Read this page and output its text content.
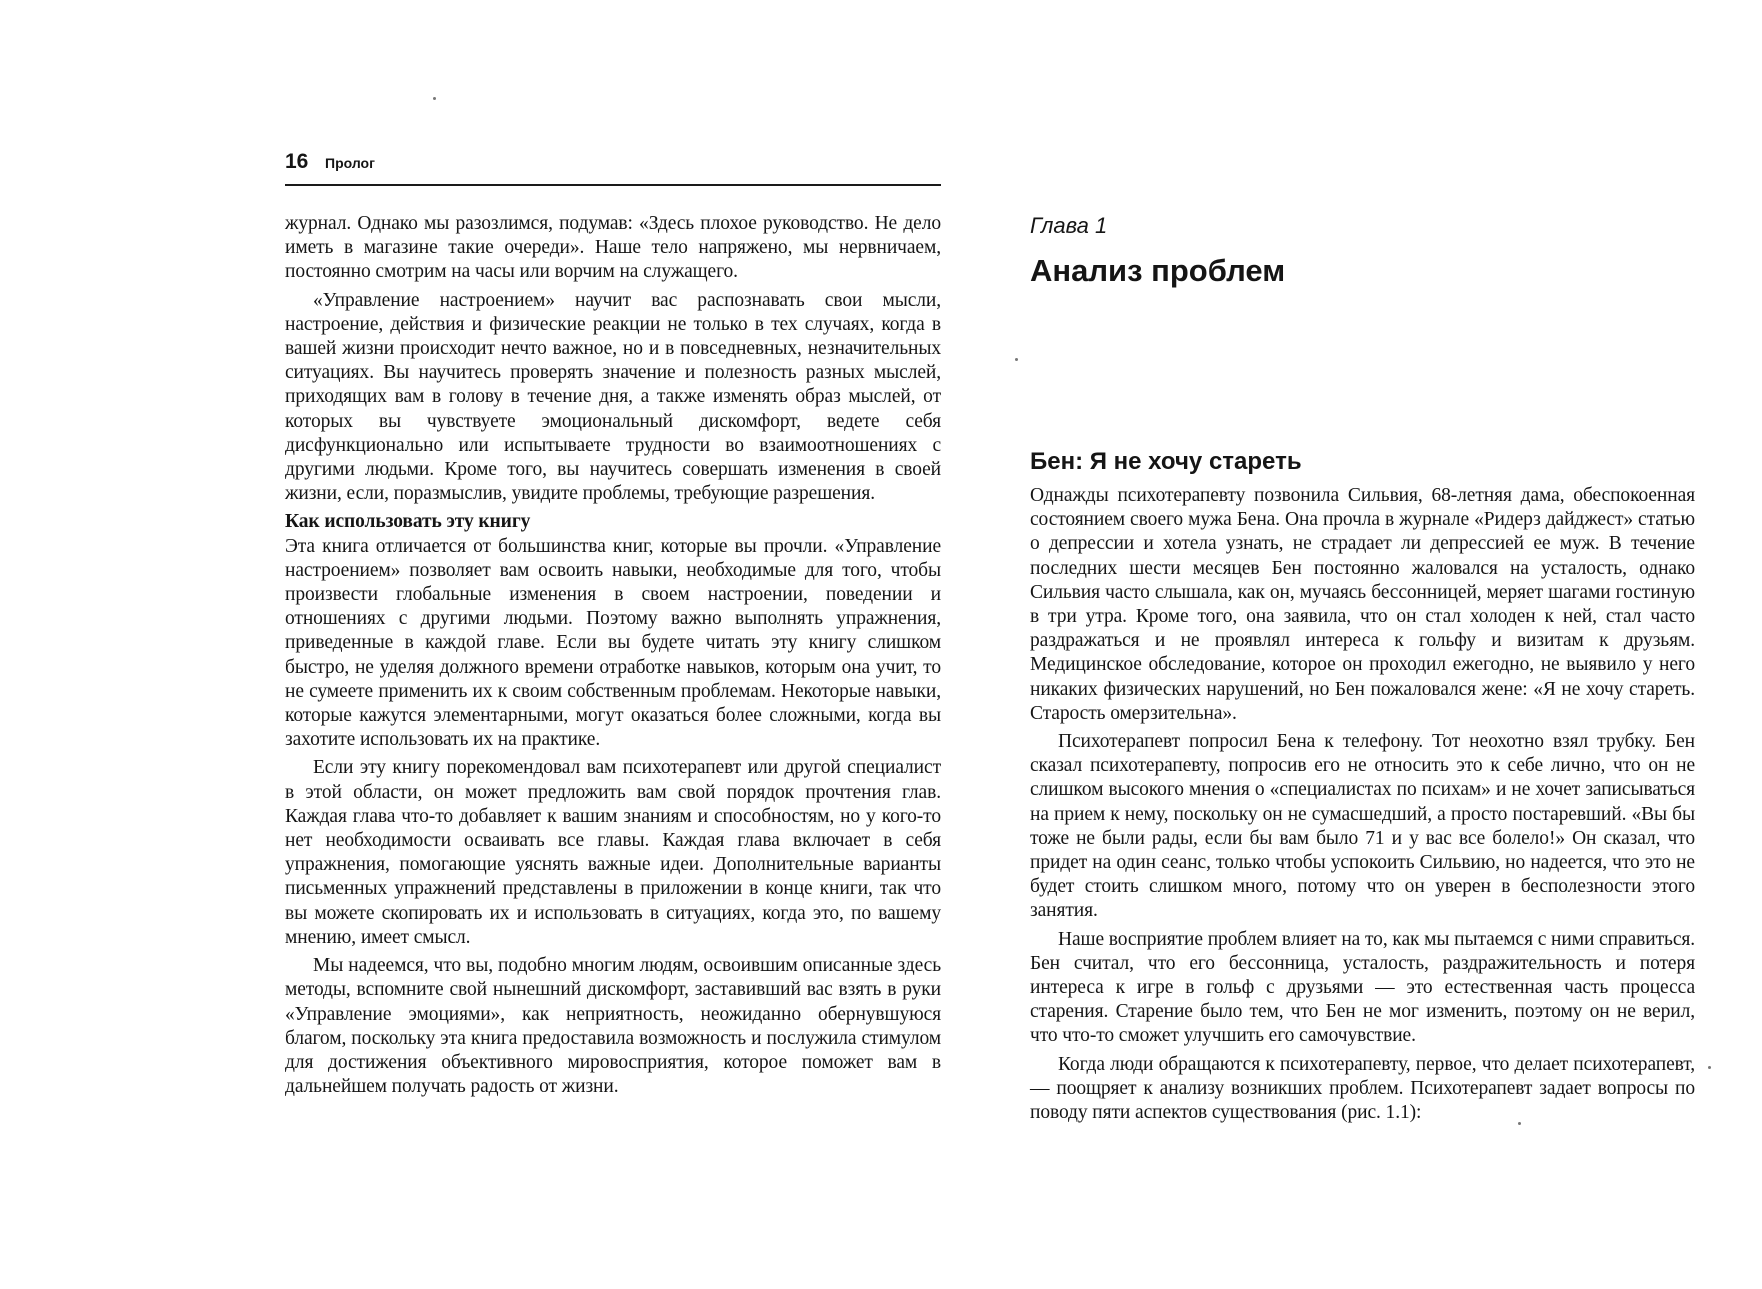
16 Пролог

журнал. Однако мы разозлимся, подумав: «Здесь плохое руководство. Не дело иметь в магазине такие очереди». Наше тело напряжено, мы нервничаем, постоянно смотрим на часы или ворчим на служащего.

«Управление настроением» научит вас распознавать свои мысли, настроение, действия и физические реакции не только в тех случаях, когда в вашей жизни происходит нечто важное, но и в повседневных, незначительных ситуациях. Вы научитесь проверять значение и полезность разных мыслей, приходящих вам в голову в течение дня, а также изменять образ мыслей, от которых вы чувствуете эмоциональный дискомфорт, ведете себя дисфункционально или испытываете трудности во взаимоотношениях с другими людьми. Кроме того, вы научитесь совершать изменения в своей жизни, если, поразмыслив, увидите проблемы, требующие разрешения.

Как использовать эту книгу

Эта книга отличается от большинства книг, которые вы прочли. «Управление настроением» позволяет вам освоить навыки, необходимые для того, чтобы произвести глобальные изменения в своем настроении, поведении и отношениях с другими людьми. Поэтому важно выполнять упражнения, приведенные в каждой главе. Если вы будете читать эту книгу слишком быстро, не уделяя должного времени отработке навыков, которым она учит, то не сумеете применить их к своим собственным проблемам. Некоторые навыки, которые кажутся элементарными, могут оказаться более сложными, когда вы захотите использовать их на практике.

Если эту книгу порекомендовал вам психотерапевт или другой специалист в этой области, он может предложить вам свой порядок прочтения глав. Каждая глава что-то добавляет к вашим знаниям и способностям, но у кого-то нет необходимости осваивать все главы. Каждая глава включает в себя упражнения, помогающие уяснять важные идеи. Дополнительные варианты письменных упражнений представлены в приложении в конце книги, так что вы можете скопировать их и использовать в ситуациях, когда это, по вашему мнению, имеет смысл.

Мы надеемся, что вы, подобно многим людям, освоившим описанные здесь методы, вспомните свой нынешний дискомфорт, заставивший вас взять в руки «Управление эмоциями», как неприятность, неожиданно обернувшуюся благом, поскольку эта книга предоставила возможность и послужила стимулом для достижения объективного мировосприятия, которое поможет вам в дальнейшем получать радость от жизни.

Глава 1
Анализ проблем
Бен: Я не хочу стареть

Однажды психотерапевту позвонила Сильвия, 68-летняя дама, обеспокоенная состоянием своего мужа Бена. Она прочла в журнале «Ридерз дайджест» статью о депрессии и хотела узнать, не страдает ли депрессией ее муж. В течение последних шести месяцев Бен постоянно жаловался на усталость, однако Сильвия часто слышала, как он, мучаясь бессонницей, меряет шагами гостиную в три утра. Кроме того, она заявила, что он стал холоден к ней, стал часто раздражаться и не проявлял интереса к гольфу и визитам к друзьям. Медицинское обследование, которое он проходил ежегодно, не выявило у него никаких физических нарушений, но Бен пожаловался жене: «Я не хочу стареть. Старость омерзительна».

Психотерапевт попросил Бена к телефону. Тот неохотно взял трубку. Бен сказал психотерапевту, попросив его не относить это к себе лично, что он не слишком высокого мнения о «специалистах по психам» и не хочет записываться на прием к нему, поскольку он не сумасшедший, а просто постаревший. «Вы бы тоже не были рады, если бы вам было 71 и у вас все болело!» Он сказал, что придет на один сеанс, только чтобы успокоить Сильвию, но надеется, что это не будет стоить слишком много, потому что он уверен в бесполезности этого занятия.

Наше восприятие проблем влияет на то, как мы пытаемся с ними справиться. Бен считал, что его бессонница, усталость, раздражительность и потеря интереса к игре в гольф с друзьями — это естественная часть процесса старения. Старение было тем, что Бен не мог изменить, поэтому он не верил, что что-то сможет улучшить его самочувствие.

Когда люди обращаются к психотерапевту, первое, что делает психотерапевт, — поощряет к анализу возникших проблем. Психотерапевт задает вопросы по поводу пяти аспектов существования (рис. 1.1):
